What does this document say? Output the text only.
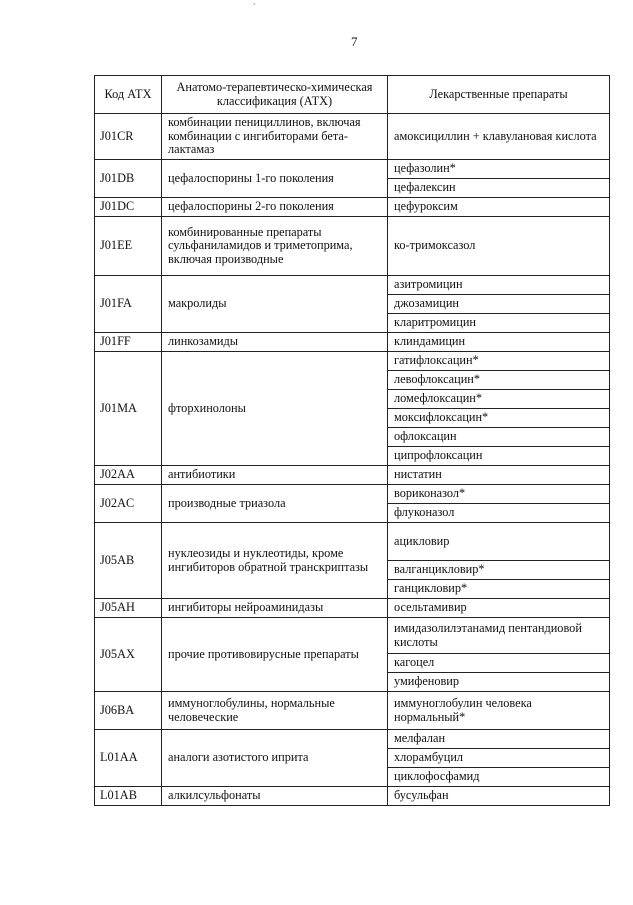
ﾞ
7
Код АТХ	Анатомо-терапевтическо-химическая классификация (АТХ)	Лекарственные препараты
J01CR	комбинации пенициллинов, включая комбинации с ингибиторами бета-лактамаз	амоксициллин + клавулановая кислота
J01DB	цефалоспорины 1-го поколения	цефазолин*
		цефалексин
J01DC	цефалоспорины 2-го поколения	цефуроксим
J01EE	комбинированные препараты сульфаниламидов и триметоприма, включая производные	ко-тримоксазол
J01FA	макролиды	азитромицин
		джозамицин
		кларитромицин
J01FF	линкозамиды	клиндамицин
J01MA	фторхинолоны	гатифлоксацин*
		левофлоксацин*
		ломефлоксацин*
		моксифлоксацин*
		офлоксацин
		ципрофлоксацин
J02AA	антибиотики	нистатин
J02AC	производные триазола	вориконазол*
		флуконазол
J05AB	нуклеозиды и нуклеотиды, кроме ингибиторов обратной транскриптазы	ацикловир
		валганцикловир*
		ганцикловир*
J05AH	ингибиторы нейроаминидазы	осельтамивир
J05AX	прочие противовирусные препараты	имидазолилэтанамид пентандиовой кислоты
		кагоцел
		умифеновир
J06BA	иммуноглобулины, нормальные человеческие	иммуноглобулин человека нормальный*
L01AA	аналоги азотистого иприта	мелфалан
		хлорамбуцил
		циклофосфамид
L01AB	алкилсульфонаты	бусульфан
